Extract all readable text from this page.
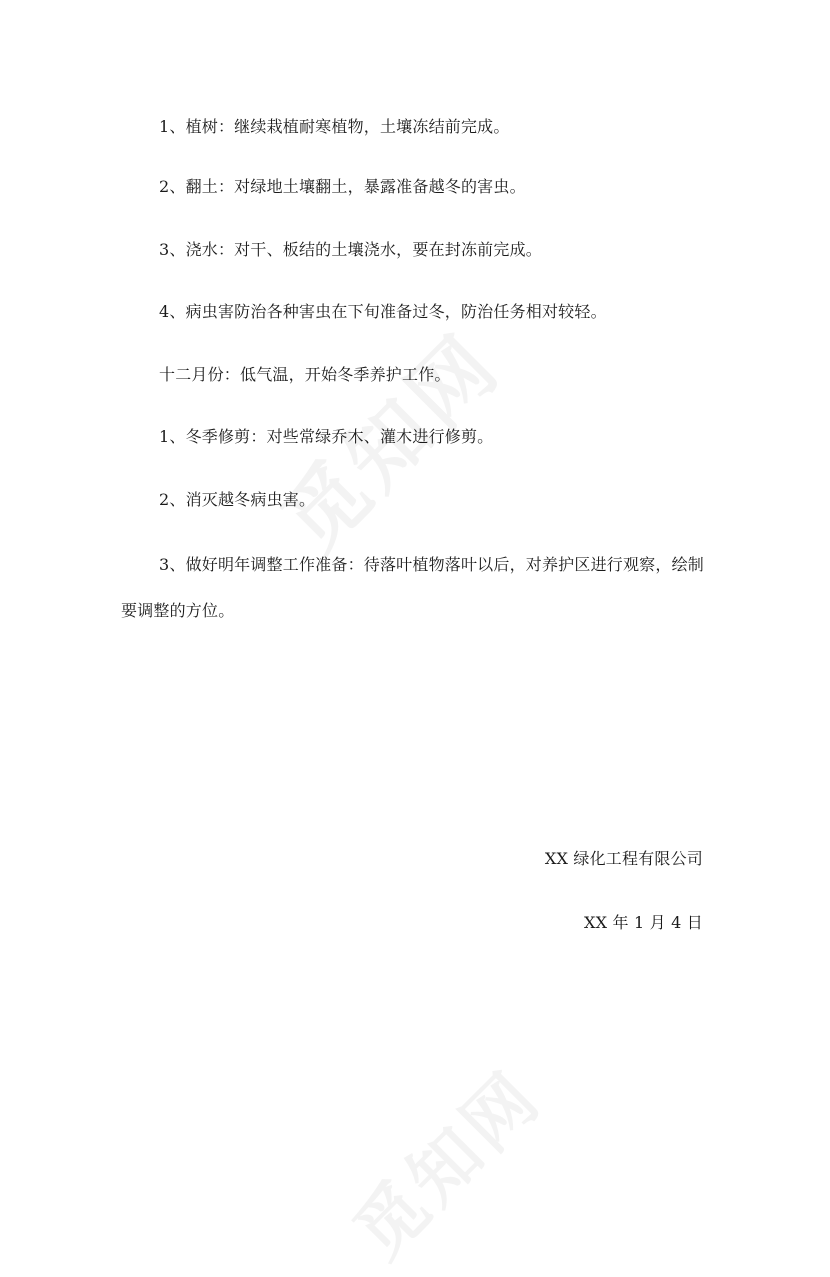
1、植树：继续栽植耐寒植物，土壤冻结前完成。

2、翻土：对绿地土壤翻土，暴露准备越冬的害虫。

3、浇水：对干、板结的土壤浇水，要在封冻前完成。

4、病虫害防治各种害虫在下旬准备过冬，防治任务相对较轻。

十二月份：低气温，开始冬季养护工作。

1、冬季修剪：对些常绿乔木、灌木进行修剪。

2、消灭越冬病虫害。

3、做好明年调整工作准备：待落叶植物落叶以后，对养护区进行观察，绘制要调整的方位。

XX 绿化工程有限公司
XX 年 1 月 4 日
